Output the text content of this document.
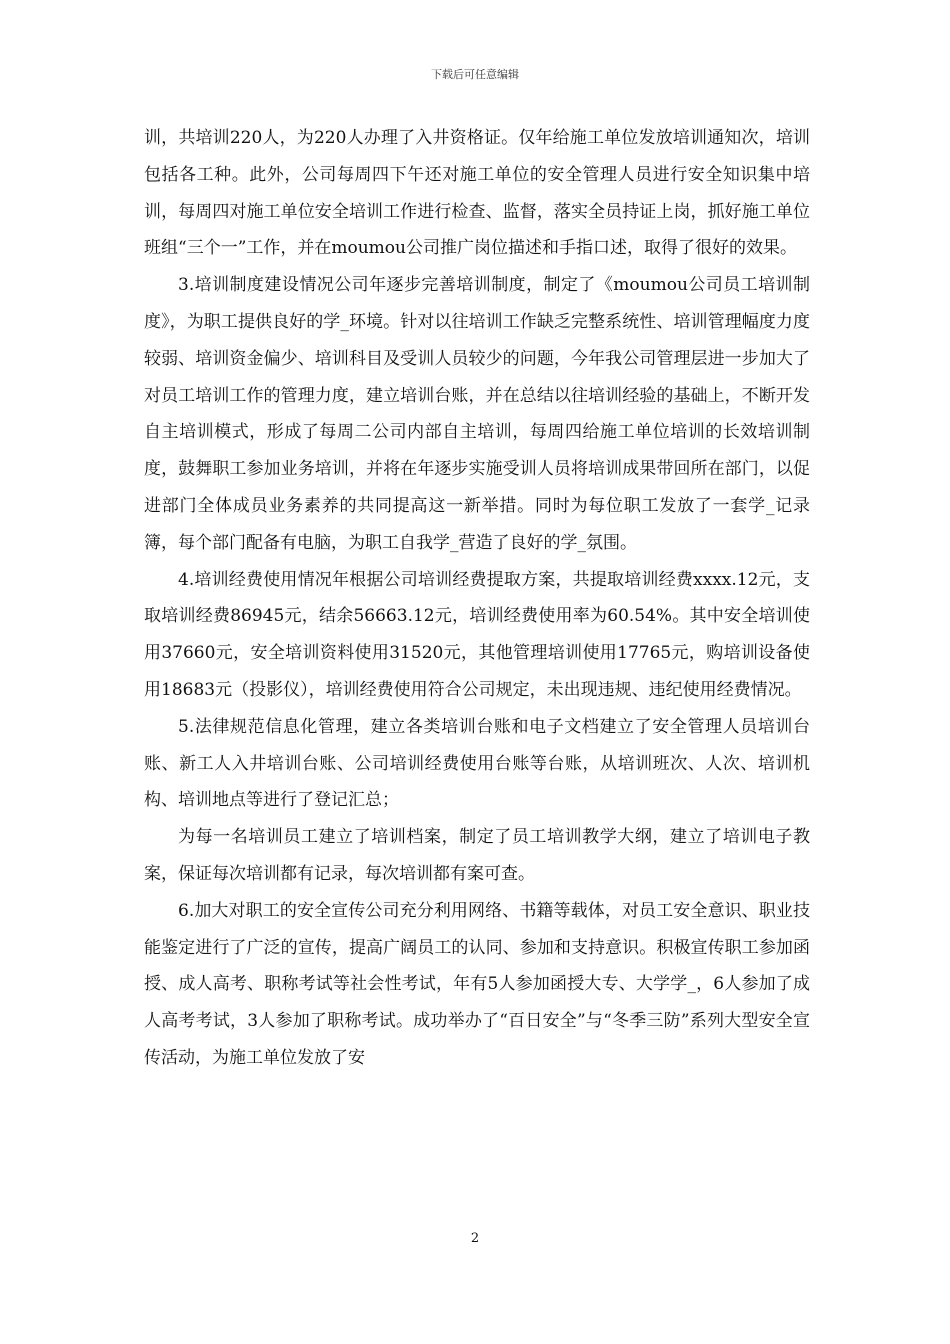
下载后可任意编辑

训，共培训220人，为220人办理了入井资格证。仅年给施工单位发放培训通知次，培训包括各工种。此外，公司每周四下午还对施工单位的安全管理人员进行安全知识集中培训，每周四对施工单位安全培训工作进行检查、监督，落实全员持证上岗，抓好施工单位班组“三个一”工作，并在moumou公司推广岗位描述和手指口述，取得了很好的效果。

3.培训制度建设情况公司年逐步完善培训制度，制定了《moumou公司员工培训制度》，为职工提供良好的学_环境。针对以往培训工作缺乏完整系统性、培训管理幅度力度较弱、培训资金偏少、培训科目及受训人员较少的问题，今年我公司管理层进一步加大了对员工培训工作的管理力度，建立培训台账，并在总结以往培训经验的基础上，不断开发自主培训模式，形成了每周二公司内部自主培训，每周四给施工单位培训的长效培训制度，鼓舞职工参加业务培训，并将在年逐步实施受训人员将培训成果带回所在部门，以促进部门全体成员业务素养的共同提高这一新举措。同时为每位职工发放了一套学_记录簿，每个部门配备有电脑，为职工自我学_营造了良好的学_氛围。

4.培训经费使用情况年根据公司培训经费提取方案，共提取培训经费xxxx.12元，支取培训经费86945元，结余56663.12元，培训经费使用率为60.54%。其中安全培训使用37660元，安全培训资料使用31520元，其他管理培训使用17765元，购培训设备使用18683元（投影仪），培训经费使用符合公司规定，未出现违规、违纪使用经费情况。

5.法律规范信息化管理，建立各类培训台账和电子文档建立了安全管理人员培训台账、新工人入井培训台账、公司培训经费使用台账等台账，从培训班次、人次、培训机构、培训地点等进行了登记汇总；

为每一名培训员工建立了培训档案，制定了员工培训教学大纲，建立了培训电子教案，保证每次培训都有记录，每次培训都有案可查。

6.加大对职工的安全宣传公司充分利用网络、书籍等载体，对员工安全意识、职业技能鉴定进行了广泛的宣传，提高广阔员工的认同、参加和支持意识。积极宣传职工参加函授、成人高考、职称考试等社会性考试，年有5人参加函授大专、大学学_，6人参加了成人高考考试，3人参加了职称考试。成功举办了“百日安全”与“冬季三防”系列大型安全宣传活动，为施工单位发放了安

2
